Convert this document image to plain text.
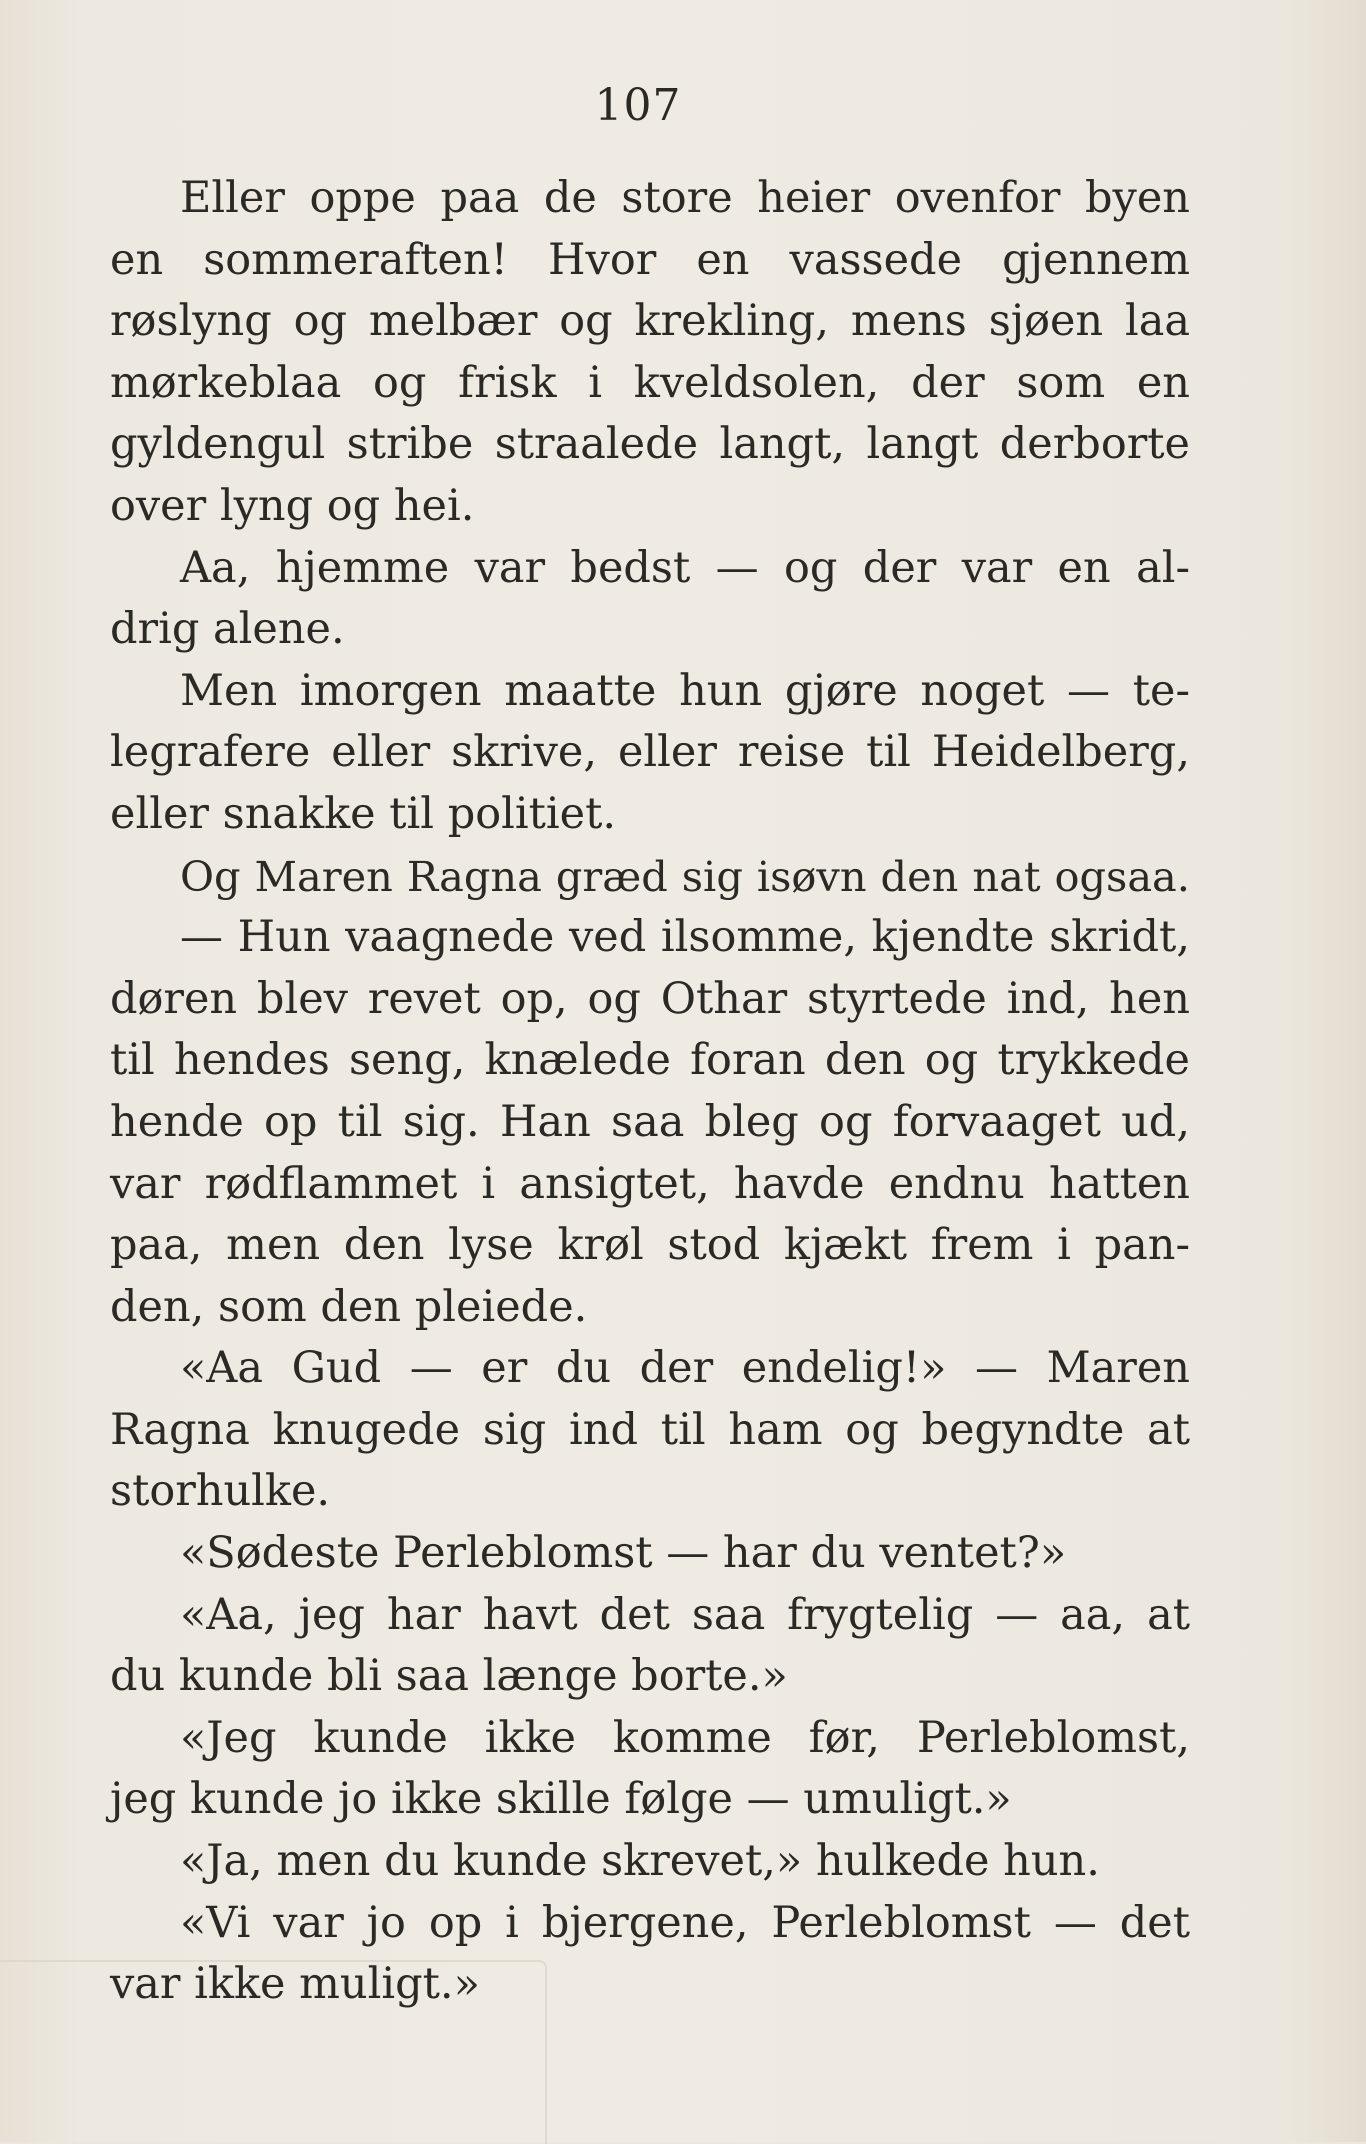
107
Eller oppe paa de store heier ovenfor byen
en sommeraften! Hvor en vassede gjennem
røslyng og melbær og krekling, mens sjøen laa
mørkeblaa og frisk i kveldsolen, der som en
gyldengul stribe straalede langt, langt derborte
over lyng og hei.
Aa, hjemme var bedst — og der var en al-
drig alene.
Men imorgen maatte hun gjøre noget — te-
legrafere eller skrive, eller reise til Heidelberg,
eller snakke til politiet.
Og Maren Ragna græd sig isøvn den nat ogsaa.
— Hun vaagnede ved ilsomme, kjendte skridt,
døren blev revet op, og Othar styrtede ind, hen
til hendes seng, knælede foran den og trykkede
hende op til sig. Han saa bleg og forvaaget ud,
var rødflammet i ansigtet, havde endnu hatten
paa, men den lyse krøl stod kjækt frem i pan-
den, som den pleiede.
«Aa Gud — er du der endelig!» — Maren
Ragna knugede sig ind til ham og begyndte at
storhulke.
«Sødeste Perleblomst — har du ventet?»
«Aa, jeg har havt det saa frygtelig — aa, at
du kunde bli saa længe borte.»
«Jeg kunde ikke komme før, Perleblomst,
jeg kunde jo ikke skille følge — umuligt.»
«Ja, men du kunde skrevet,» hulkede hun.
«Vi var jo op i bjergene, Perleblomst — det
var ikke muligt.»
